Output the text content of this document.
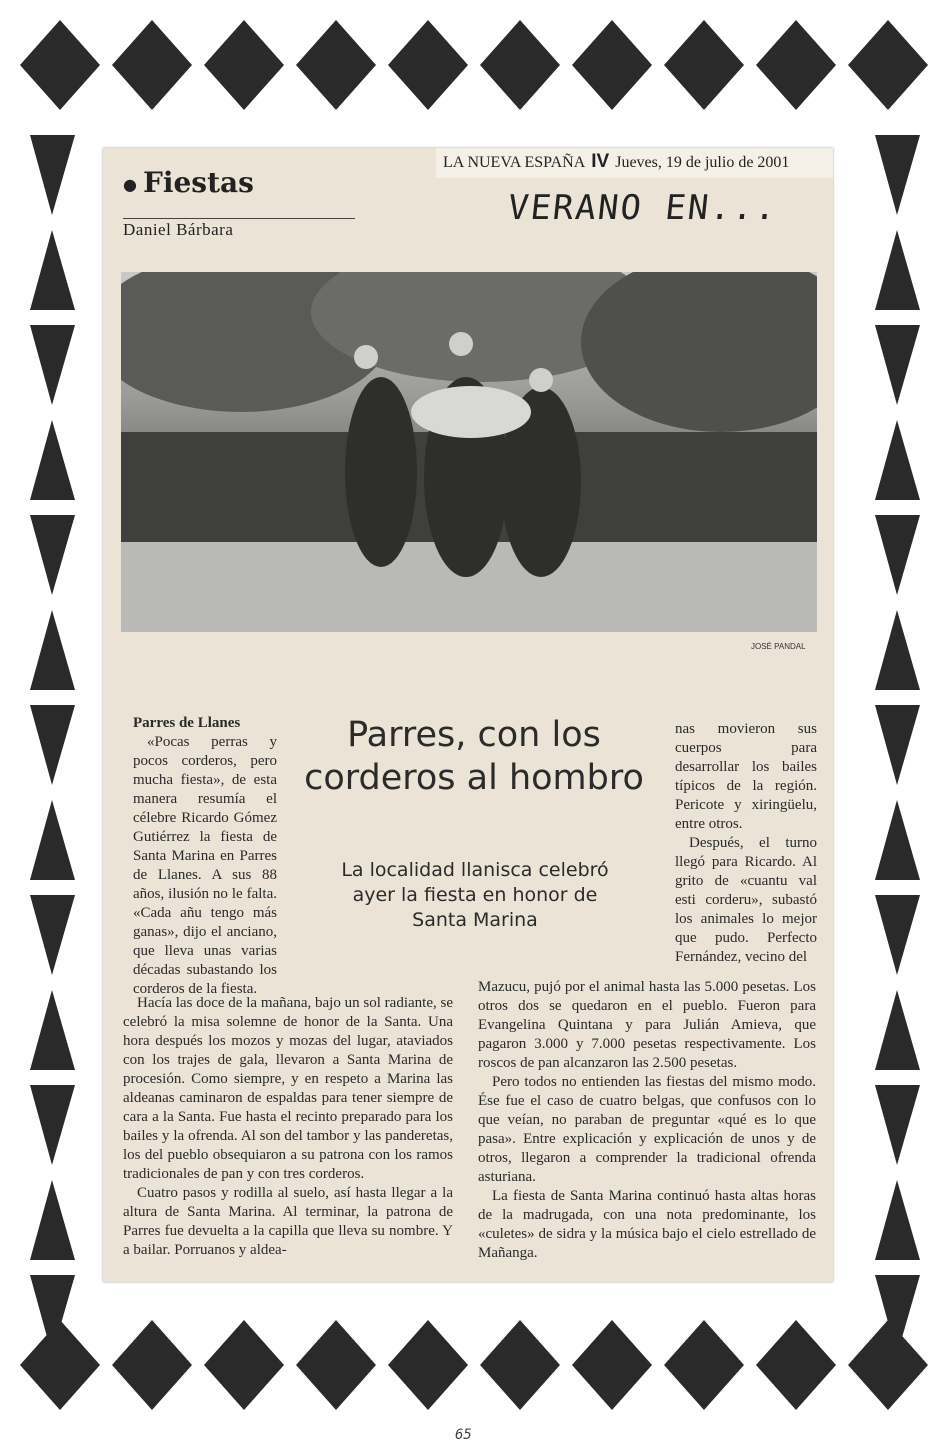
LA NUEVA ESPAÑA IV Jueves, 19 de julio de 2001
● Fiestas
Daniel Bárbara
VERANO EN...
JOSÉ PANDAL

Parres de Llanes

«Pocas perras y pocos corderos, pero mucha fiesta», de esta manera resumía el célebre Ricardo Gómez Gutiérrez la fiesta de Santa Marina en Parres de Llanes. A sus 88 años, ilusión no le falta. «Cada añu tengo más ganas», dijo el anciano, que lleva unas varias décadas subastando los corderos de la fiesta.

Parres, con los corderos al hombro
La localidad llanisca celebró ayer la fiesta en honor de Santa Marina

nas movieron sus cuerpos para desarrollar los bailes típicos de la región. Pericote y xiringüelu, entre otros.

Después, el turno llegó para Ricardo. Al grito de «cuantu val esti corderu», subastó los animales lo mejor que pudo. Perfecto Fernández, vecino del

Hacía las doce de la mañana, bajo un sol radiante, se celebró la misa solemne de honor de la Santa. Una hora después los mozos y mozas del lugar, ataviados con los trajes de gala, llevaron a Santa Marina de procesión. Como siempre, y en respeto a Marina las aldeanas caminaron de espaldas para tener siempre de cara a la Santa. Fue hasta el recinto preparado para los bailes y la ofrenda. Al son del tambor y las panderetas, los del pueblo obsequiaron a su patrona con los ramos tradicionales de pan y con tres corderos.

Cuatro pasos y rodilla al suelo, así hasta llegar a la altura de Santa Marina. Al terminar, la patrona de Parres fue devuelta a la capilla que lleva su nombre. Y a bailar. Porruanos y aldea-

Mazucu, pujó por el animal hasta las 5.000 pesetas. Los otros dos se quedaron en el pueblo. Fueron para Evangelina Quintana y para Julián Amieva, que pagaron 3.000 y 7.000 pesetas respectivamente. Los roscos de pan alcanzaron las 2.500 pesetas.

Pero todos no entienden las fiestas del mismo modo. Ése fue el caso de cuatro belgas, que confusos con lo que veían, no paraban de preguntar «qué es lo que pasa». Entre explicación y explicación de unos y de otros, llegaron a comprender la tradicional ofrenda asturiana.

La fiesta de Santa Marina continuó hasta altas horas de la madrugada, con una nota predominante, los «culetes» de sidra y la música bajo el cielo estrellado de Mañanga.

65
